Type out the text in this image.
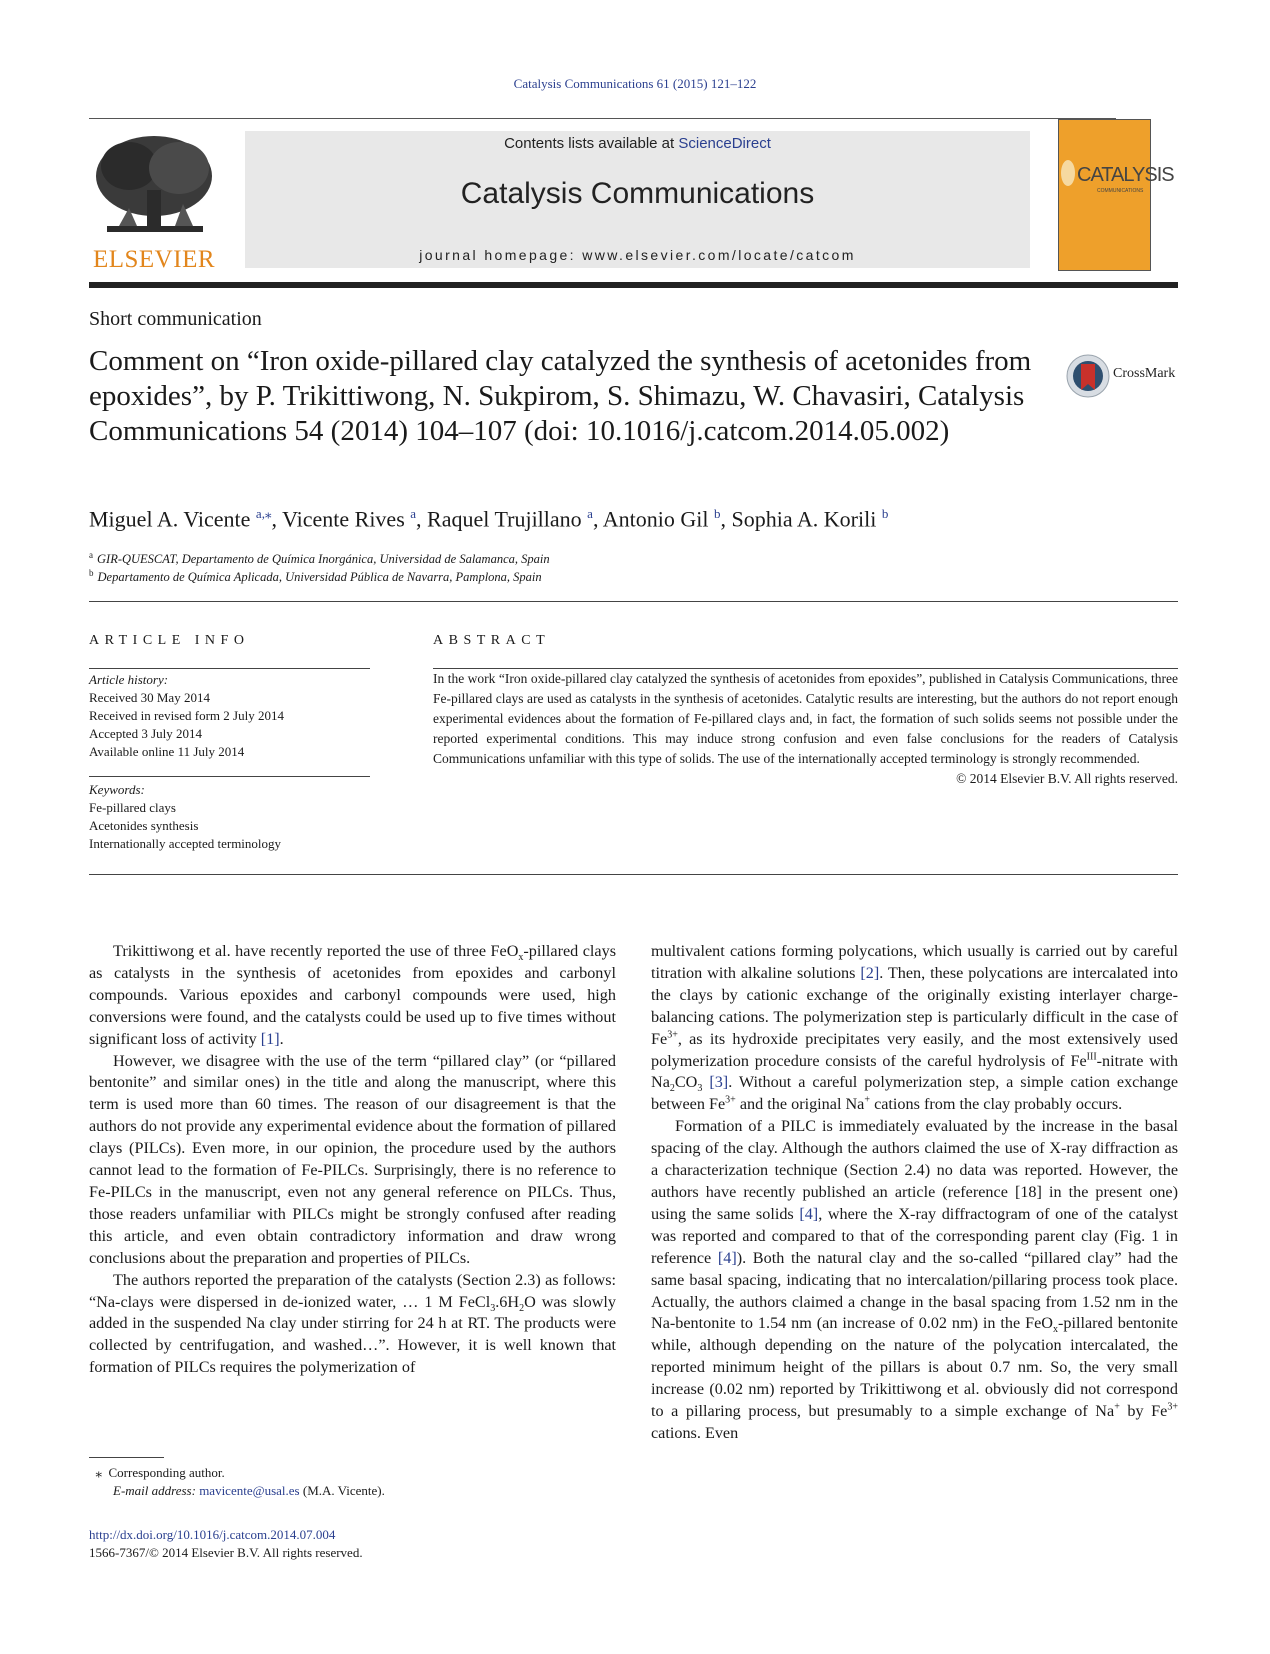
Catalysis Communications 61 (2015) 121–122
ELSEVIER
Contents lists available at ScienceDirect
Catalysis Communications
journal homepage: www.elsevier.com/locate/catcom
CATALYSIS
COMMUNICATIONS
Short communication
Comment on “Iron oxide-pillared clay catalyzed the synthesis of acetonides from epoxides”, by P. Trikittiwong, N. Sukpirom, S. Shimazu, W. Chavasiri, Catalysis Communications 54 (2014) 104–107 (doi: 10.1016/j.catcom.2014.05.002)
CrossMark
Miguel A. Vicente $^{a,⁎}$, Vicente Rives $^a$, Raquel Trujillano $^a$, Antonio Gil $^b$, Sophia A. Korili $^b$
$^a$ GIR-QUESCAT, Departamento de Química Inorgánica, Universidad de Salamanca, Spain
$^b$ Departamento de Química Aplicada, Universidad Pública de Navarra, Pamplona, Spain
ARTICLE INFO
Article history:
Received 30 May 2014
Received in revised form 2 July 2014
Accepted 3 July 2014
Available online 11 July 2014
Keywords:
Fe-pillared clays
Acetonides synthesis
Internationally accepted terminology
ABSTRACT
In the work “Iron oxide-pillared clay catalyzed the synthesis of acetonides from epoxides”, published in Catalysis Communications, three Fe-pillared clays are used as catalysts in the synthesis of acetonides. Catalytic results are interesting, but the authors do not report enough experimental evidences about the formation of Fe-pillared clays and, in fact, the formation of such solids seems not possible under the reported experimental conditions. This may induce strong confusion and even false conclusions for the readers of Catalysis Communications unfamiliar with this type of solids. The use of the internationally accepted terminology is strongly recommended.
© 2014 Elsevier B.V. All rights reserved.

Trikittiwong et al. have recently reported the use of three FeO$_x$-pillared clays as catalysts in the synthesis of acetonides from epoxides and carbonyl compounds. Various epoxides and carbonyl compounds were used, high conversions were found, and the catalysts could be used up to five times without significant loss of activity [1].

However, we disagree with the use of the term “pillared clay” (or “pillared bentonite” and similar ones) in the title and along the manuscript, where this term is used more than 60 times. The reason of our disagreement is that the authors do not provide any experimental evidence about the formation of pillared clays (PILCs). Even more, in our opinion, the procedure used by the authors cannot lead to the formation of Fe-PILCs. Surprisingly, there is no reference to Fe-PILCs in the manuscript, even not any general reference on PILCs. Thus, those readers unfamiliar with PILCs might be strongly confused after reading this article, and even obtain contradictory information and draw wrong conclusions about the preparation and properties of PILCs.

The authors reported the preparation of the catalysts (Section 2.3) as follows: “Na-clays were dispersed in de-ionized water, … 1 M $FeCl_3.6H_2O$ was slowly added in the suspended Na clay under stirring for 24 h at RT. The products were collected by centrifugation, and washed…”. However, it is well known that formation of PILCs requires the polymerization of

multivalent cations forming polycations, which usually is carried out by careful titration with alkaline solutions [2]. Then, these polycations are intercalated into the clays by cationic exchange of the originally existing interlayer charge-balancing cations. The polymerization step is particularly difficult in the case of $Fe^{3+}$, as its hydroxide precipitates very easily, and the most extensively used polymerization procedure consists of the careful hydrolysis of $Fe^{III}$-nitrate with $Na_2CO_3$ [3]. Without a careful polymerization step, a simple cation exchange between $Fe^{3+}$ and the original Na+ cations from the clay probably occurs.

Formation of a PILC is immediately evaluated by the increase in the basal spacing of the clay. Although the authors claimed the use of X-ray diffraction as a characterization technique (Section 2.4) no data was reported. However, the authors have recently published an article (reference [18] in the present one) using the same solids [4], where the X-ray diffractogram of one of the catalyst was reported and compared to that of the corresponding parent clay (Fig. 1 in reference [4]). Both the natural clay and the so-called “pillared clay” had the same basal spacing, indicating that no intercalation/pillaring process took place. Actually, the authors claimed a change in the basal spacing from 1.52 nm in the Na-bentonite to 1.54 nm (an increase of 0.02 nm) in the FeO$_x$-pillared bentonite while, although depending on the nature of the polycation intercalated, the reported minimum height of the pillars is about 0.7 nm. So, the very small increase (0.02 nm) reported by Trikittiwong et al. obviously did not correspond to a pillaring process, but presumably to a simple exchange of Na+ by $Fe^{3+}$ cations. Even

⁎ Corresponding author.
E-mail address: mavicente@usal.es (M.A. Vicente).
http://dx.doi.org/10.1016/j.catcom.2014.07.004
1566-7367/© 2014 Elsevier B.V. All rights reserved.
